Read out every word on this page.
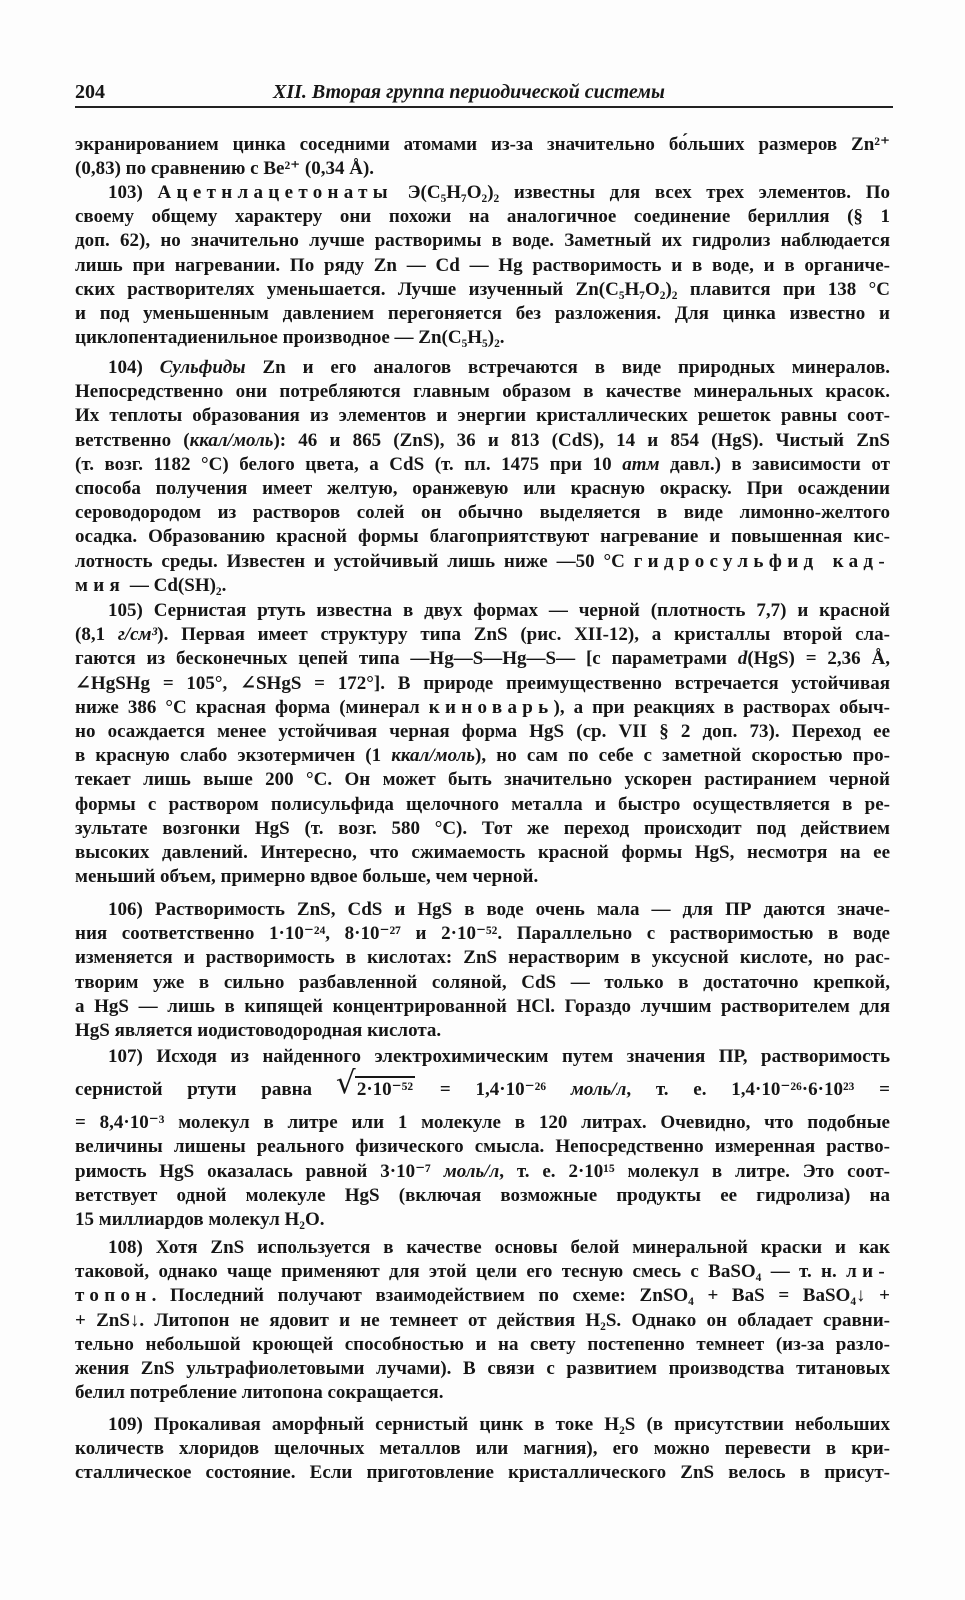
204	XII. Вторая группа периодической системы
экранированием цинка соседними атомами из-за значительно бо́льших размеров Zn²⁺
(0,83) по сравнению с Be²⁺ (0,34 Å).
103) Ацетнлацетонаты Э(C₅H₇O₂)₂ известны для всех трех элементов. По
своему общему характеру они похожи на аналогичное соединение бериллия (§ 1
доп. 62), но значительно лучше растворимы в воде. Заметный их гидролиз наблюдается
лишь при нагревании. По ряду Zn — Cd — Hg растворимость и в воде, и в органиче-
ских растворителях уменьшается. Лучше изученный Zn(C₅H₇O₂)₂ плавится при 138 °C
и под уменьшенным давлением перегоняется без разложения. Для цинка известно и
циклопентадиенильное производное — Zn(C₅H₅)₂.
104) Сульфиды Zn и его аналогов встречаются в виде природных минералов.
Непосредственно они потребляются главным образом в качестве минеральных красок.
Их теплоты образования из элементов и энергии кристаллических решеток равны соот-
ветственно (ккал/моль): 46 и 865 (ZnS), 36 и 813 (CdS), 14 и 854 (HgS). Чистый ZnS
(т. возг. 1182 °C) белого цвета, а CdS (т. пл. 1475 при 10 атм давл.) в зависимости от
способа получения имеет желтую, оранжевую или красную окраску. При осаждении
сероводородом из растворов солей он обычно выделяется в виде лимонно-желтого
осадка. Образованию красной формы благоприятствуют нагревание и повышенная кис-
лотность среды. Известен и устойчивый лишь ниже —50 °C гидросульфид кад-
мия — Cd(SH)₂.
105) Сернистая ртуть известна в двух формах — черной (плотность 7,7) и красной
(8,1 г/см³). Первая имеет структуру типа ZnS (рис. XII-12), а кристаллы второй сла-
гаются из бесконечных цепей типа —Hg—S—Hg—S— [с параметрами d(HgS) = 2,36 Å,
∠HgSHg = 105°, ∠SHgS = 172°]. В природе преимущественно встречается устойчивая
ниже 386 °C красная форма (минерал киноварь), а при реакциях в растворах обыч-
но осаждается менее устойчивая черная форма HgS (ср. VII § 2 доп. 73). Переход ее
в красную слабо экзотермичен (1 ккал/моль), но сам по себе с заметной скоростью про-
текает лишь выше 200 °C. Он может быть значительно ускорен растиранием черной
формы с раствором полисульфида щелочного металла и быстро осуществляется в ре-
зультате возгонки HgS (т. возг. 580 °C). Тот же переход происходит под действием
высоких давлений. Интересно, что сжимаемость красной формы HgS, несмотря на ее
меньший объем, примерно вдвое больше, чем черной.
106) Растворимость ZnS, CdS и HgS в воде очень мала — для ПР даются значе-
ния соответственно 1·10⁻²⁴, 8·10⁻²⁷ и 2·10⁻⁵². Параллельно с растворимостью в воде
изменяется и растворимость в кислотах: ZnS нерастворим в уксусной кислоте, но рас-
творим уже в сильно разбавленной соляной, CdS — только в достаточно крепкой,
а HgS — лишь в кипящей концентрированной HCl. Гораздо лучшим растворителем для
HgS является иодистоводородная кислота.
107) Исходя из найденного электрохимическим путем значения ПР, растворимость
сернистой ртути равна √ 2·10⁻⁵² = 1,4·10⁻²⁶ моль/л, т. е. 1,4·10⁻²⁶·6·10²³ =
= 8,4·10⁻³ молекул в литре или 1 молекуле в 120 литрах. Очевидно, что подобные
величины лишены реального физического смысла. Непосредственно измеренная раство-
римость HgS оказалась равной 3·10⁻⁷ моль/л, т. е. 2·10¹⁵ молекул в литре. Это соот-
ветствует одной молекуле HgS (включая возможные продукты ее гидролиза) на
15 миллиардов молекул H₂O.
108) Хотя ZnS используется в качестве основы белой минеральной краски и как
таковой, однако чаще применяют для этой цели его тесную смесь с BaSO₄ — т. н. ли-
топон. Последний получают взаимодействием по схеме: ZnSO₄ + BaS = BaSO₄↓ +
+ ZnS↓. Литопон не ядовит и не темнеет от действия H₂S. Однако он обладает сравни-
тельно небольшой кроющей способностью и на свету постепенно темнеет (из-за разло-
жения ZnS ультрафиолетовыми лучами). В связи с развитием производства титановых
белил потребление литопона сокращается.
109) Прокаливая аморфный сернистый цинк в токе H₂S (в присутствии небольших
количеств хлоридов щелочных металлов или магния), его можно перевести в кри-
сталлическое состояние. Если приготовление кристаллического ZnS велось в присут-
